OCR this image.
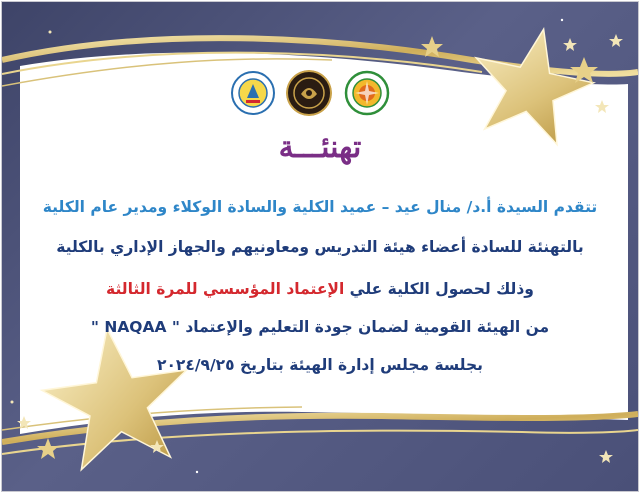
تهنئـــة
تتقدم السيدة أ.د/ منال عيد – عميد الكلية والسادة الوكلاء ومدير عام الكلية
بالتهنئة للسادة أعضاء هيئة التدريس ومعاونيهم والجهاز الإداري بالكلية
وذلك لحصول الكلية علي الإعتماد المؤسسي للمرة الثالثة
من الهيئة القومية لضمان جودة التعليم والإعتماد " NAQAA "
بجلسة مجلس إدارة الهيئة بتاريخ ٢٠٢٤/٩/٢٥
